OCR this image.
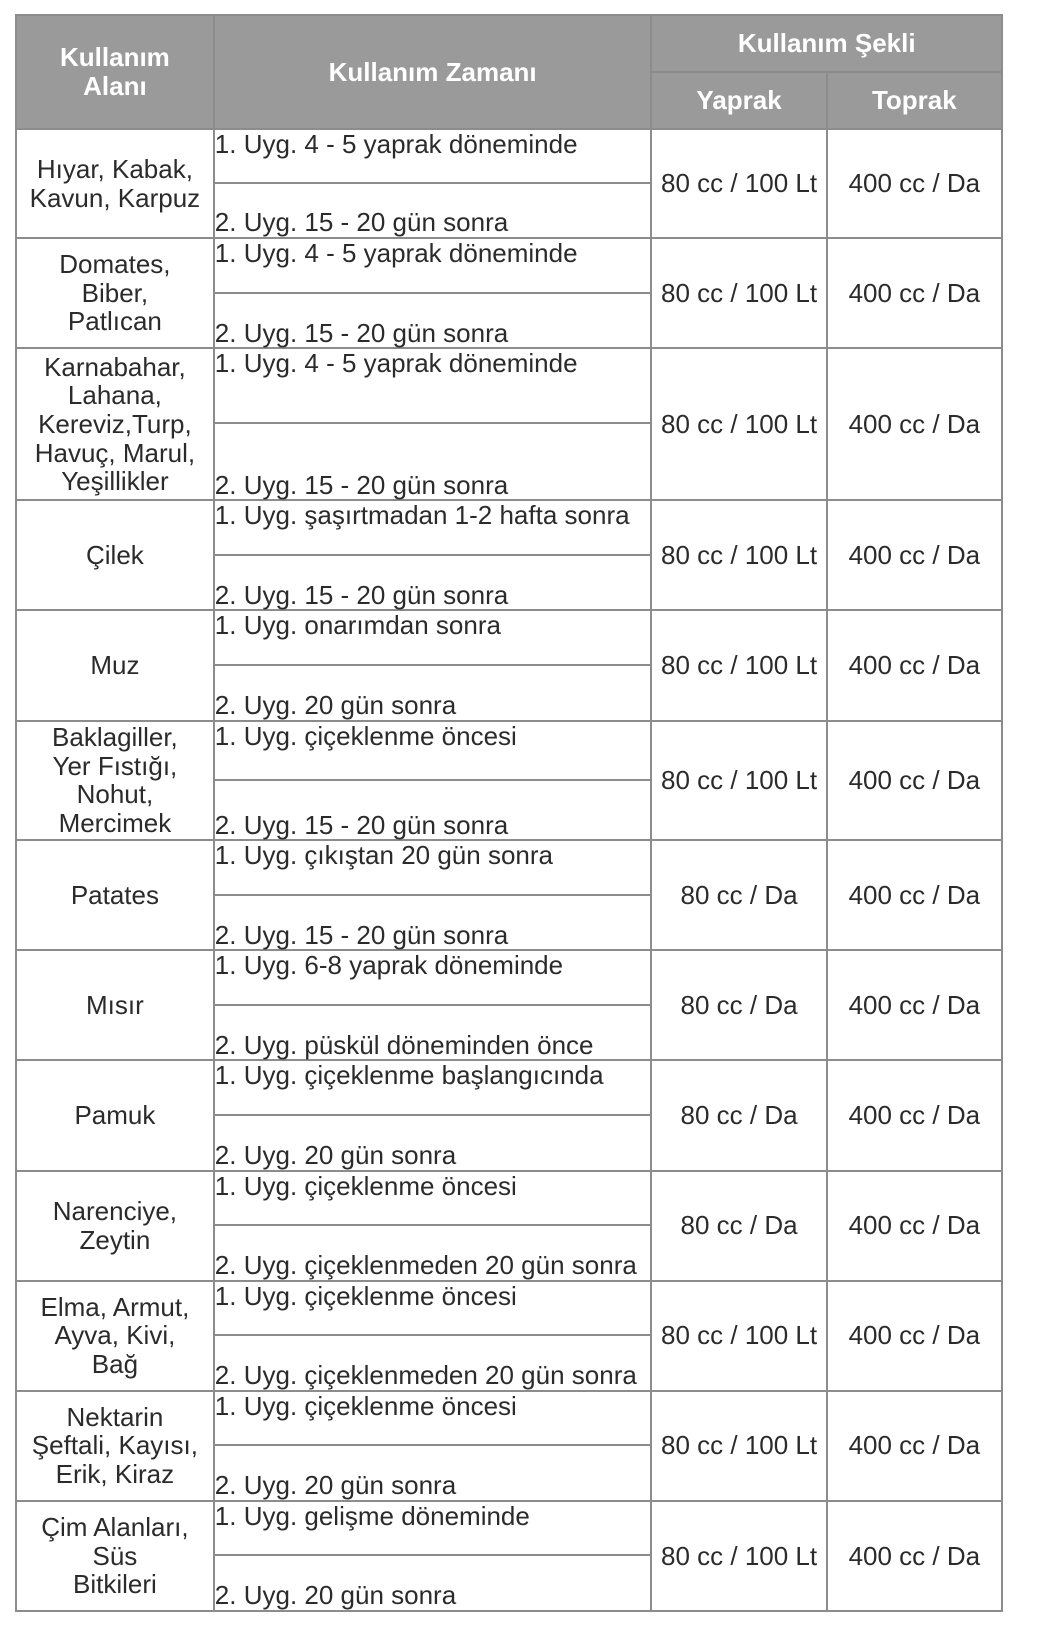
Kullanım
Alanı	Kullanım Zamanı	Kullanım Şekli	
		Yaprak	Toprak
Hıyar, Kabak,
Kavun, Karpuz	1. Uyg. 4 - 5 yaprak döneminde	80 cc / 100 Lt	400 cc / Da
	2. Uyg. 15 - 20 gün sonra		
Domates,
Biber,
Patlıcan	1. Uyg. 4 - 5 yaprak döneminde	80 cc / 100 Lt	400 cc / Da
	2. Uyg. 15 - 20 gün sonra		
Karnabahar,
Lahana,
Kereviz,Turp,
Havuç, Marul,
Yeşillikler	1. Uyg. 4 - 5 yaprak döneminde	80 cc / 100 Lt	400 cc / Da
	2. Uyg. 15 - 20 gün sonra		
Çilek	1. Uyg. şaşırtmadan 1-2 hafta sonra	80 cc / 100 Lt	400 cc / Da
	2. Uyg. 15 - 20 gün sonra		
Muz	1. Uyg. onarımdan sonra	80 cc / 100 Lt	400 cc / Da
	2. Uyg. 20 gün sonra		
Baklagiller,
Yer Fıstığı,
Nohut,
Mercimek	1. Uyg. çiçeklenme öncesi	80 cc / 100 Lt	400 cc / Da
	2. Uyg. 15 - 20 gün sonra		
Patates	1. Uyg. çıkıştan 20 gün sonra	80 cc / Da	400 cc / Da
	2. Uyg. 15 - 20 gün sonra		
Mısır	1. Uyg. 6-8 yaprak döneminde	80 cc / Da	400 cc / Da
	2. Uyg. püskül döneminden önce		
Pamuk	1. Uyg. çiçeklenme başlangıcında	80 cc / Da	400 cc / Da
	2. Uyg. 20 gün sonra		
Narenciye,
Zeytin	1. Uyg. çiçeklenme öncesi	80 cc / Da	400 cc / Da
	2. Uyg. çiçeklenmeden 20 gün sonra		
Elma, Armut,
Ayva, Kivi,
Bağ	1. Uyg. çiçeklenme öncesi	80 cc / 100 Lt	400 cc / Da
	2. Uyg. çiçeklenmeden 20 gün sonra		
Nektarin
Şeftali, Kayısı,
Erik, Kiraz	1. Uyg. çiçeklenme öncesi	80 cc / 100 Lt	400 cc / Da
	2. Uyg. 20 gün sonra		
Çim Alanları,
Süs
Bitkileri	1. Uyg. gelişme döneminde	80 cc / 100 Lt	400 cc / Da
	2. Uyg. 20 gün sonra		
